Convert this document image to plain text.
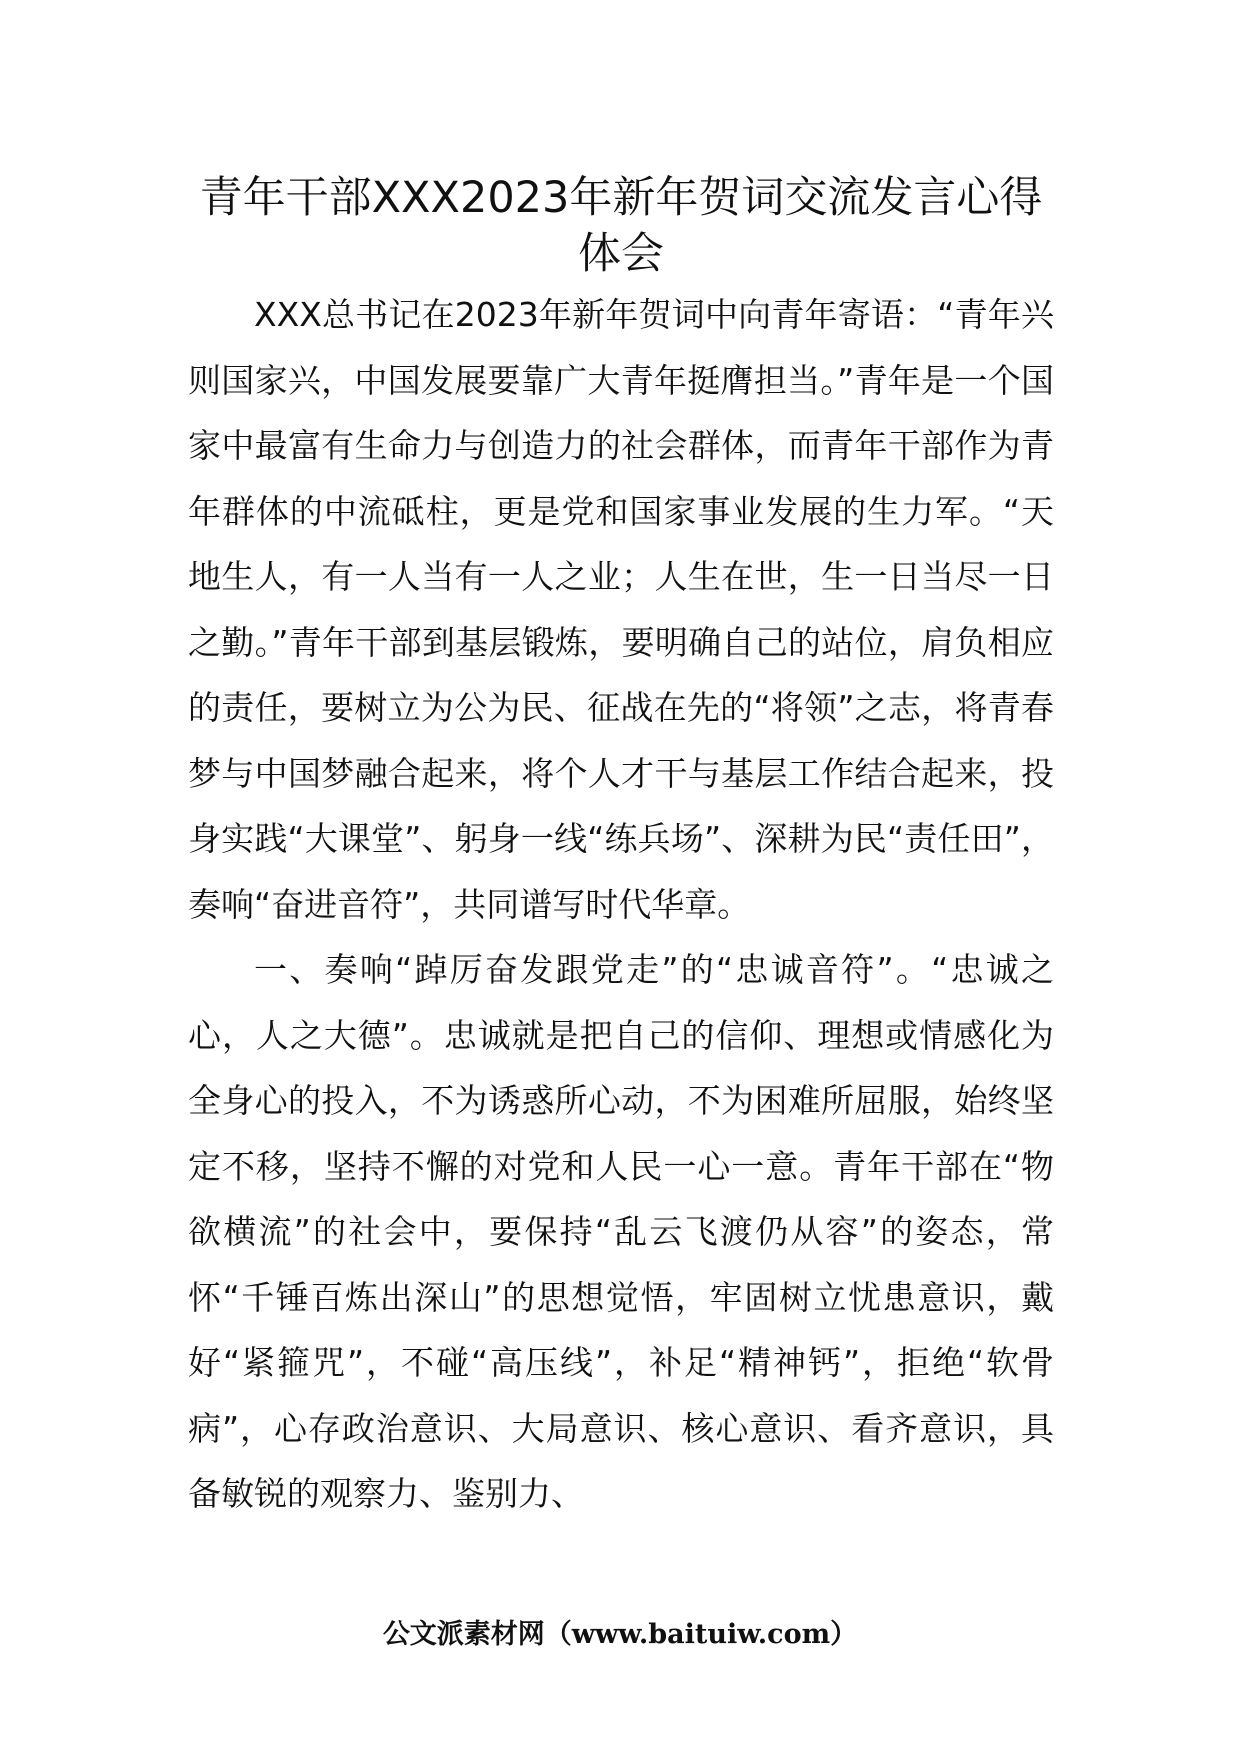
青年干部XXX2023年新年贺词交流发言心得体会

XXX总书记在2023年新年贺词中向青年寄语：“青年兴则国家兴，中国发展要靠广大青年挺膺担当。”青年是一个国家中最富有生命力与创造力的社会群体，而青年干部作为青年群体的中流砥柱，更是党和国家事业发展的生力军。“天地生人，有一人当有一人之业；人生在世，生一日当尽一日之勤。”青年干部到基层锻炼，要明确自己的站位，肩负相应的责任，要树立为公为民、征战在先的“将领”之志，将青春梦与中国梦融合起来，将个人才干与基层工作结合起来，投身实践“大课堂”、躬身一线“练兵场”、深耕为民“责任田”，奏响“奋进音符”，共同谱写时代华章。

一、奏响“踔厉奋发跟党走”的“忠诚音符”。“忠诚之心，人之大德”。忠诚就是把自己的信仰、理想或情感化为全身心的投入，不为诱惑所心动，不为困难所屈服，始终坚定不移，坚持不懈的对党和人民一心一意。青年干部在“物欲横流”的社会中，要保持“乱云飞渡仍从容”的姿态，常怀“千锤百炼出深山”的思想觉悟，牢固树立忧患意识，戴好“紧箍咒”，不碰“高压线”，补足“精神钙”，拒绝“软骨病”，心存政治意识、大局意识、核心意识、看齐意识，具备敏锐的观察力、鉴别力、

公文派素材网（www.baituiw.com）
